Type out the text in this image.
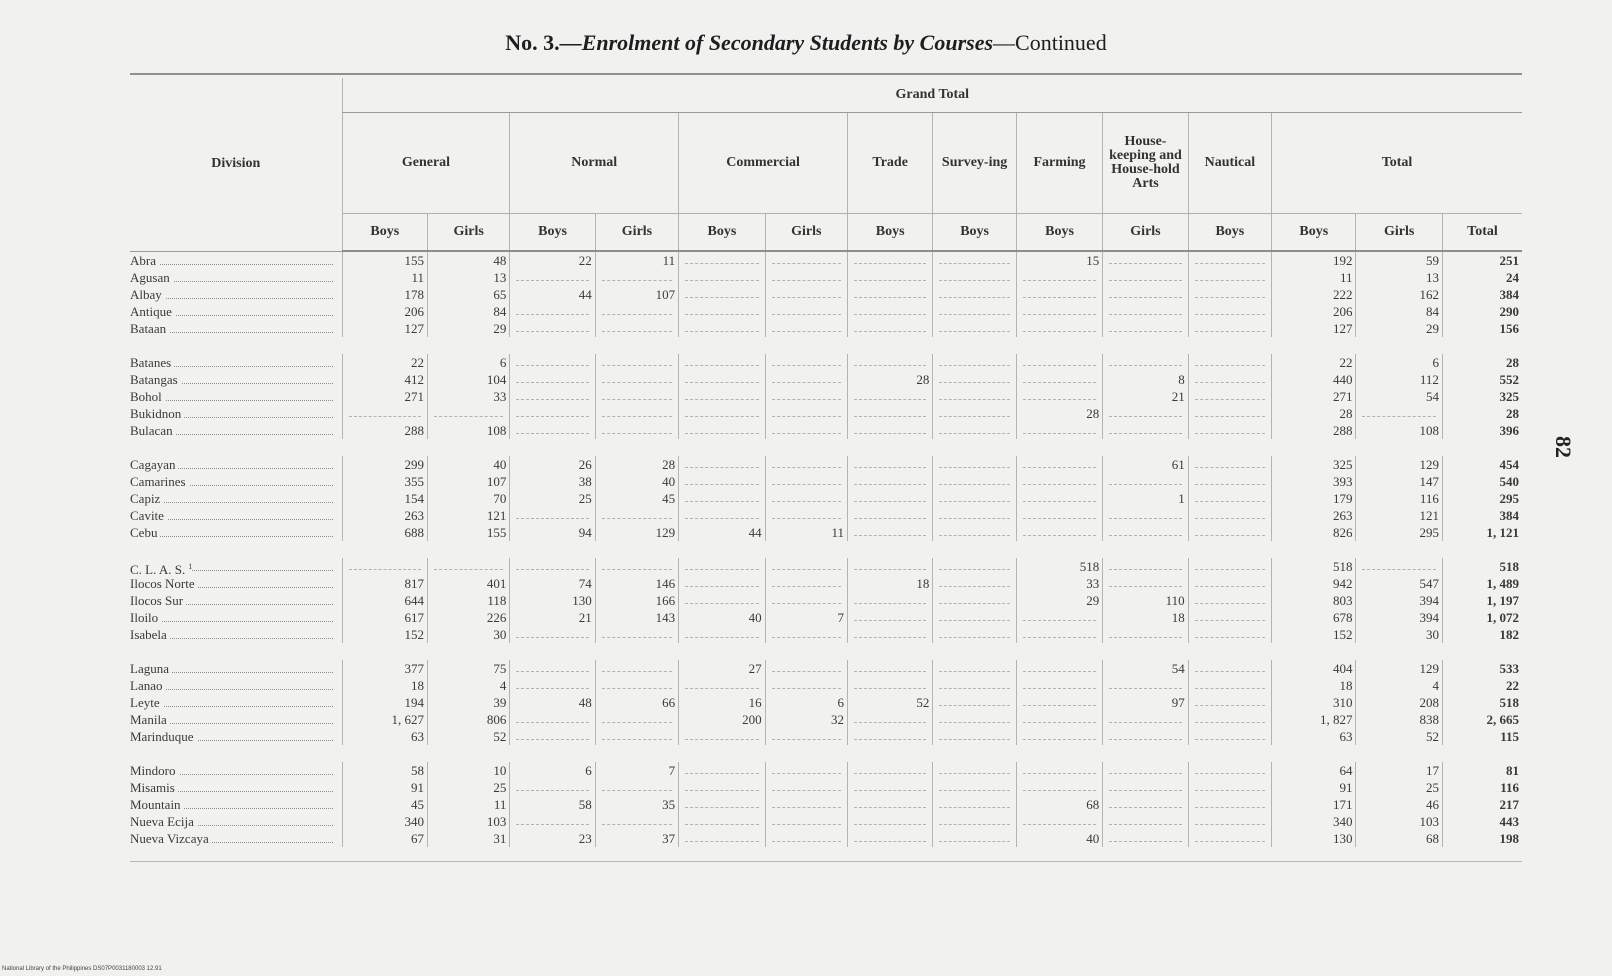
No. 3.—Enrolment of Secondary Students by Courses—Continued
Division	Grand Total													
	General		Normal		Commercial		Trade	Survey-ing	Farming	House-keeping and House-hold Arts	Nautical	Total		
	Boys	Girls	Boys	Girls	Boys	Girls	Boys	Boys	Boys	Girls	Boys	Boys	Girls	Total

Abra	155	48	22	11					15			192	59	251

Agusan	11	13										11	13	24

Albay	178	65	44	107								222	162	384

Antique	206	84										206	84	290

Bataan	127	29										127	29	156

Batanes	22	6										22	6	28

Batangas	412	104					28			8		440	112	552

Bohol	271	33								21		271	54	325

Bukidnon									28			28		28

Bulacan	288	108										288	108	396

Cagayan	299	40	26	28						61		325	129	454

Camarines	355	107	38	40								393	147	540

Capiz	154	70	25	45						1		179	116	295

Cavite	263	121										263	121	384

Cebu	688	155	94	129	44	11						826	295	1, 121

C. L. A. S. $^1$									518			518		518

Ilocos Norte	817	401	74	146			18		33			942	547	1, 489

Ilocos Sur	644	118	130	166					29	110		803	394	1, 197

Iloilo	617	226	21	143	40	7				18		678	394	1, 072

Isabela	152	30										152	30	182

Laguna	377	75			27					54		404	129	533

Lanao	18	4										18	4	22

Leyte	194	39	48	66	16	6	52			97		310	208	518

Manila	1, 627	806			200	32						1, 827	838	2, 665

Marinduque	63	52										63	52	115

Mindoro	58	10	6	7								64	17	81

Misamis	91	25										91	25	116

Mountain	45	11	58	35					68			171	46	217

Nueva Ecija	340	103										340	103	443

Nueva Vizcaya	67	31	23	37					40			130	68	198
82
National Library of the Philippines DS07P0031180003 12.91
